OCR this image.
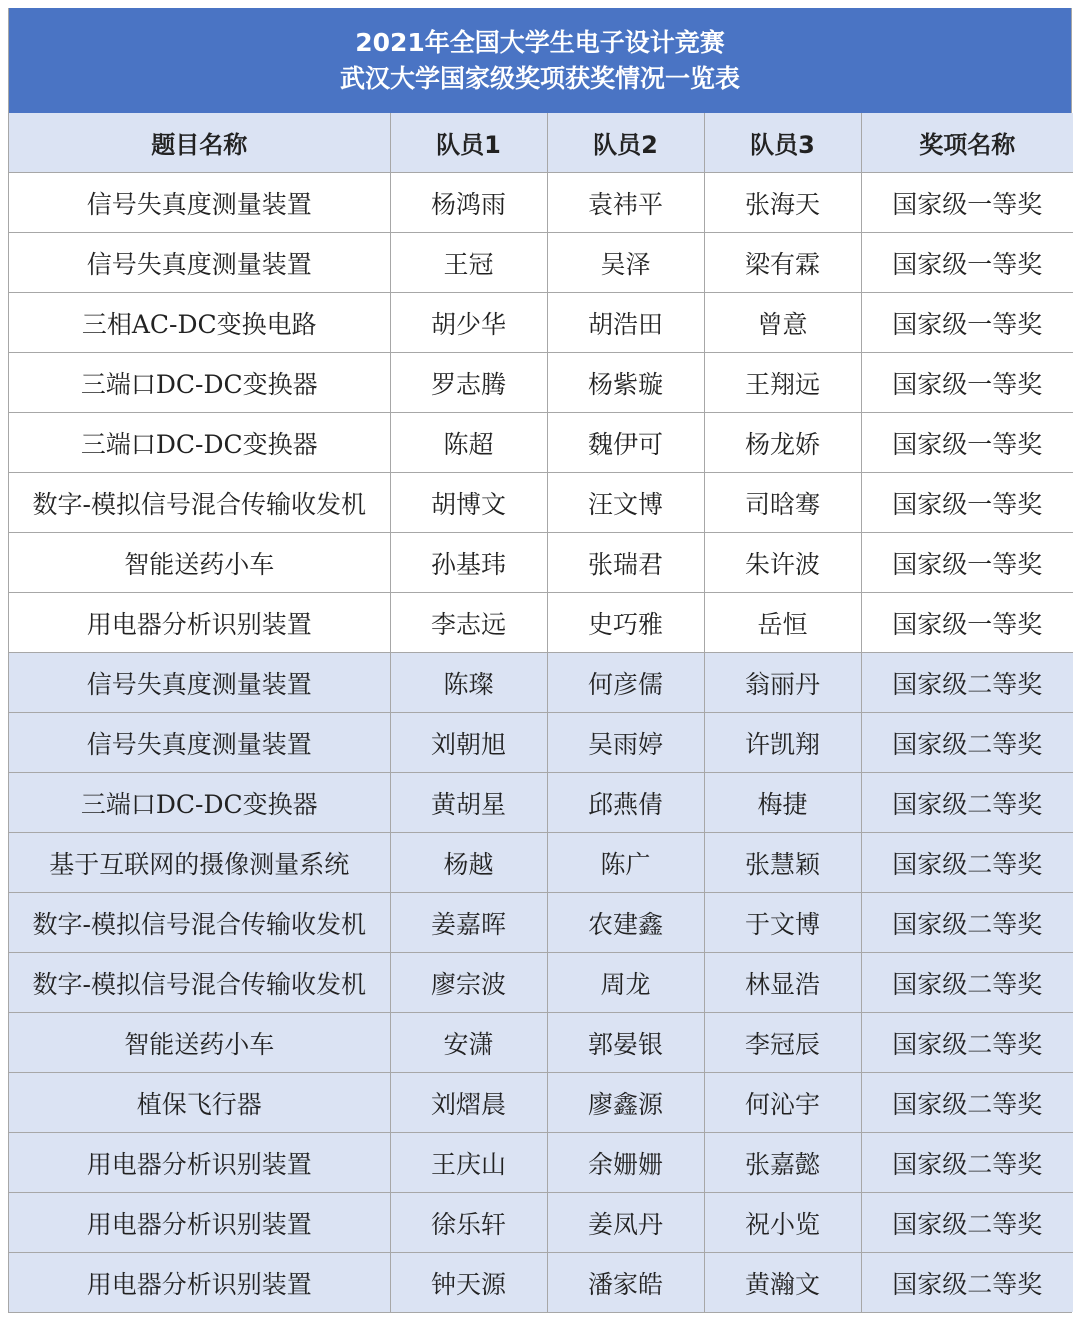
2021年全国大学生电子设计竞赛
武汉大学国家级奖项获奖情况一览表
题目名称	队员1	队员2	队员3	奖项名称
信号失真度测量装置	杨鸿雨	袁祎平	张海天	国家级一等奖
信号失真度测量装置	王冠	吴泽	梁有霖	国家级一等奖
三相AC-DC变换电路	胡少华	胡浩田	曾意	国家级一等奖
三端口DC-DC变换器	罗志腾	杨紫璇	王翔远	国家级一等奖
三端口DC-DC变换器	陈超	魏伊可	杨龙娇	国家级一等奖
数字-模拟信号混合传输收发机	胡博文	汪文博	司晗骞	国家级一等奖
智能送药小车	孙基玮	张瑞君	朱许波	国家级一等奖
用电器分析识别装置	李志远	史巧雅	岳恒	国家级一等奖
信号失真度测量装置	陈璨	何彦儒	翁丽丹	国家级二等奖
信号失真度测量装置	刘朝旭	吴雨婷	许凯翔	国家级二等奖
三端口DC-DC变换器	黄胡星	邱燕倩	梅捷	国家级二等奖
基于互联网的摄像测量系统	杨越	陈广	张慧颖	国家级二等奖
数字-模拟信号混合传输收发机	姜嘉晖	农建鑫	于文博	国家级二等奖
数字-模拟信号混合传输收发机	廖宗波	周龙	林显浩	国家级二等奖
智能送药小车	安潇	郭晏银	李冠辰	国家级二等奖
植保飞行器	刘熠晨	廖鑫源	何沁宇	国家级二等奖
用电器分析识别装置	王庆山	余姗姗	张嘉懿	国家级二等奖
用电器分析识别装置	徐乐轩	姜凤丹	祝小览	国家级二等奖
用电器分析识别装置	钟天源	潘家皓	黄瀚文	国家级二等奖
